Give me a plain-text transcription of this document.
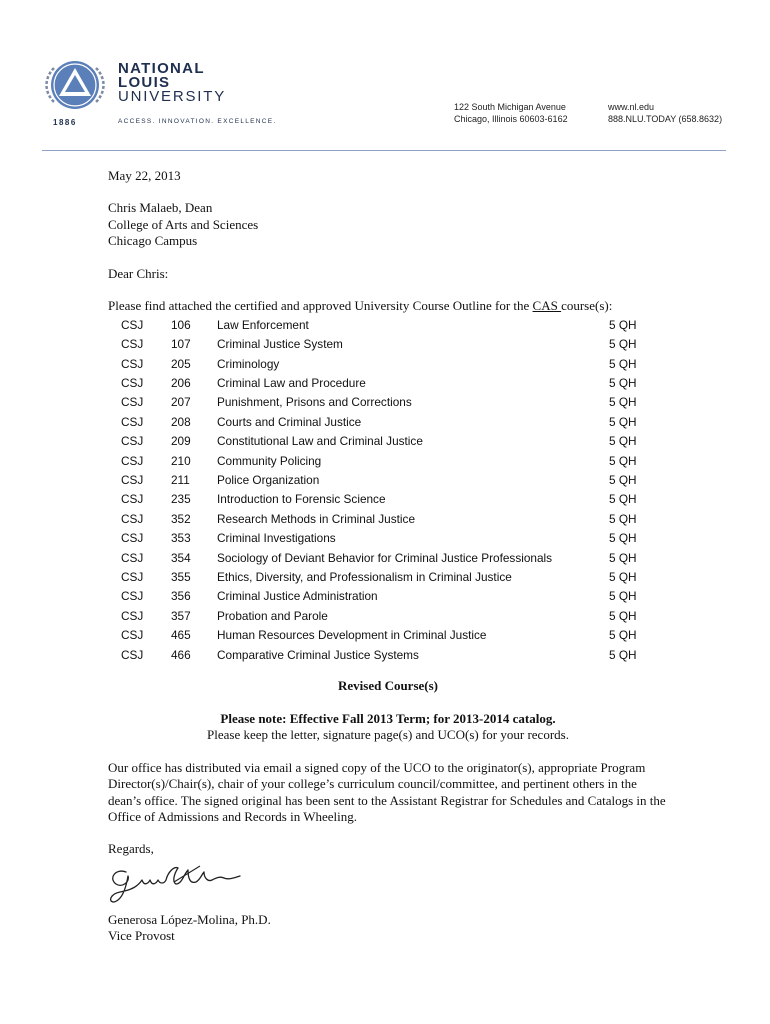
1886
NATIONAL
LOUIS
UNIVERSITY
ACCESS. INNOVATION. EXCELLENCE.
122 South Michigan Avenue
Chicago, Illinois 60603-6162
www.nl.edu
888.NLU.TODAY (658.8632)

May 22, 2013

Chris Malaeb, Dean
College of Arts and Sciences
Chicago Campus

Dear Chris:

Please find attached the certified and approved University Course Outline for the CAS course(s):

CSJ	106	Law Enforcement	5 QH
CSJ	107	Criminal Justice System	5 QH
CSJ	205	Criminology	5 QH
CSJ	206	Criminal Law and Procedure	5 QH
CSJ	207	Punishment, Prisons and Corrections	5 QH
CSJ	208	Courts and Criminal Justice	5 QH
CSJ	209	Constitutional Law and Criminal Justice	5 QH
CSJ	210	Community Policing	5 QH
CSJ	211	Police Organization	5 QH
CSJ	235	Introduction to Forensic Science	5 QH
CSJ	352	Research Methods in Criminal Justice	5 QH
CSJ	353	Criminal Investigations	5 QH
CSJ	354	Sociology of Deviant Behavior for Criminal Justice Professionals	5 QH
CSJ	355	Ethics, Diversity, and Professionalism in Criminal Justice	5 QH
CSJ	356	Criminal Justice Administration	5 QH
CSJ	357	Probation and Parole	5 QH
CSJ	465	Human Resources Development in Criminal Justice	5 QH
CSJ	466	Comparative Criminal Justice Systems	5 QH

Revised Course(s)

Please note: Effective Fall 2013 Term; for 2013-2014 catalog.
Please keep the letter, signature page(s) and UCO(s) for your records.

Our office has distributed via email a signed copy of the UCO to the originator(s), appropriate Program Director(s)/Chair(s), chair of your college’s curriculum council/committee, and pertinent others in the dean’s office. The signed original has been sent to the Assistant Registrar for Schedules and Catalogs in the Office of Admissions and Records in Wheeling.

Regards,

Generosa López-Molina, Ph.D.
Vice Provost
